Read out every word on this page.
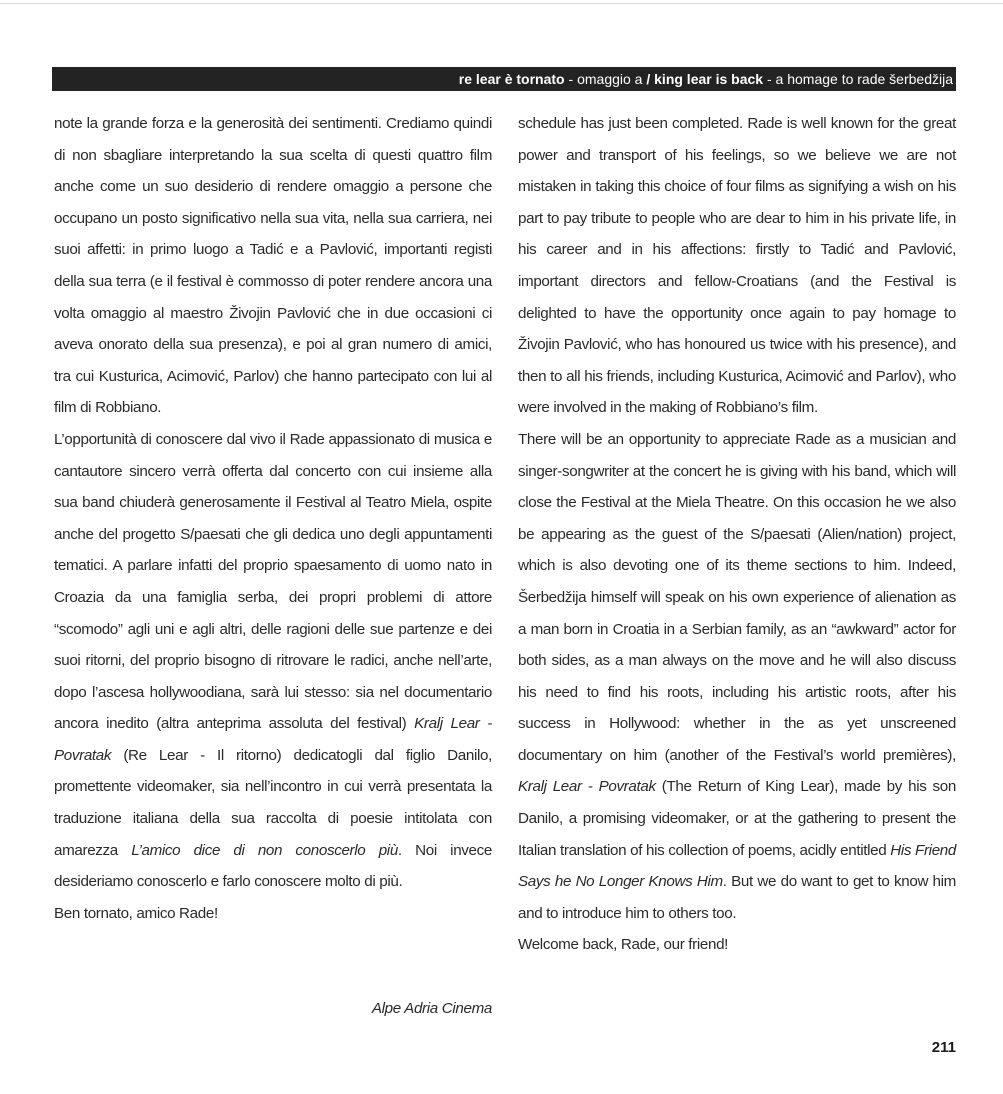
re lear è tornato - omaggio a / king lear is back - a homage to rade šerbedžija

note la grande forza e la generosità dei sentimenti. Crediamo quindi di non sbagliare interpretando la sua scelta di questi quattro film anche come un suo desiderio di rendere omaggio a persone che occupano un posto significativo nella sua vita, nella sua carriera, nei suoi affetti: in primo luogo a Tadić e a Pavlović, importanti registi della sua terra (e il festival è commosso di poter rendere ancora una volta omaggio al maestro Živojin Pavlović che in due occasioni ci aveva onorato della sua presenza), e poi al gran numero di amici, tra cui Kusturica, Acimović, Parlov) che hanno partecipato con lui al film di Robbiano.

L’opportunità di conoscere dal vivo il Rade appassionato di musica e cantautore sincero verrà offerta dal concerto con cui insieme alla sua band chiuderà generosamente il Festival al Teatro Miela, ospite anche del progetto S/paesati che gli dedica uno degli appuntamenti tematici. A parlare infatti del proprio spaesamento di uomo nato in Croazia da una famiglia serba, dei propri problemi di attore “scomodo” agli uni e agli altri, delle ragioni delle sue partenze e dei suoi ritorni, del proprio bisogno di ritrovare le radici, anche nell’arte, dopo l’ascesa hollywoodiana, sarà lui stesso: sia nel documentario ancora inedito (altra anteprima assoluta del festival) Kralj Lear - Povratak (Re Lear - Il ritorno) dedicatogli dal figlio Danilo, promettente videomaker, sia nell’incontro in cui verrà presentata la traduzione italiana della sua raccolta di poesie intitolata con amarezza L’amico dice di non conoscerlo più. Noi invece desideriamo conoscerlo e farlo conoscere molto di più.

Ben tornato, amico Rade!

schedule has just been completed. Rade is well known for the great power and transport of his feelings, so we believe we are not mistaken in taking this choice of four films as signifying a wish on his part to pay tribute to people who are dear to him in his private life, in his career and in his affections: firstly to Tadić and Pavlović, important directors and fellow-Croatians (and the Festival is delighted to have the opportunity once again to pay homage to Živojin Pavlović, who has honoured us twice with his presence), and then to all his friends, including Kusturica, Acimović and Parlov), who were involved in the making of Robbiano’s film.

There will be an opportunity to appreciate Rade as a musician and singer-songwriter at the concert he is giving with his band, which will close the Festival at the Miela Theatre. On this occasion he we also be appearing as the guest of the S/paesati (Alien/nation) project, which is also devoting one of its theme sections to him. Indeed, Šerbedžija himself will speak on his own experience of alienation as a man born in Croatia in a Serbian family, as an “awkward” actor for both sides, as a man always on the move and he will also discuss his need to find his roots, including his artistic roots, after his success in Hollywood: whether in the as yet unscreened documentary on him (another of the Festival’s world premières), Kralj Lear - Povratak (The Return of King Lear), made by his son Danilo, a promising videomaker, or at the gathering to present the Italian translation of his collection of poems, acidly entitled His Friend Says he No Longer Knows Him. But we do want to get to know him and to introduce him to others too.

Welcome back, Rade, our friend!

Alpe Adria Cinema
211
